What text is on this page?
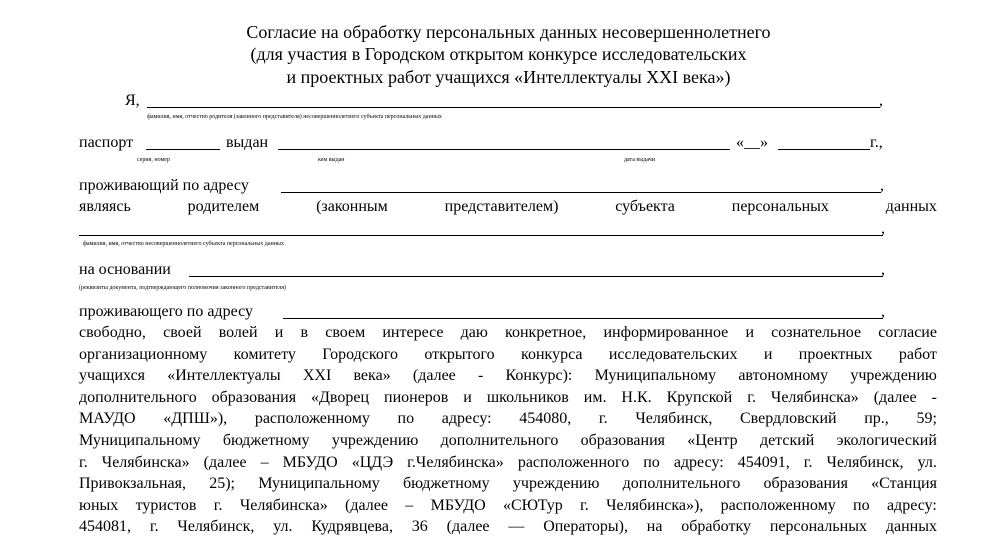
Согласие на обработку персональных данных несовершеннолетнего
(для участия в Городском открытом конкурсе исследовательских
и проектных работ учащихся «Интеллектуалы XXI века»)
Я,	,
фамилия, имя, отчество родителя (законного представителя) несовершеннолетнего субъекта персональных данных
паспорт	выдан	«__»	г.,
серия, номер	кем выдан	дата выдачи
проживающий по адресу	,
являясь	родителем	(законным	представителем)	субъекта	персональных	данных
,
фамилия, имя, отчество несовершеннолетнего субъекта персональных данных
на основании	,
(реквизиты документа, подтверждающего полномочия законного представителя)
проживающего по адресу	,

свободно, своей волей и в своем интересе даю конкретное, информированное и сознательное согласие

организационному комитету Городского открытого конкурса исследовательских и проектных работ

учащихся «Интеллектуалы XXI века» (далее - Конкурс): Муниципальному автономному учреждению

дополнительного образования «Дворец пионеров и школьников им. Н.К. Крупской г. Челябинска» (далее -

МАУДО «ДПШ»), расположенному по адресу: 454080, г. Челябинск, Свердловский пр., 59;

Муниципальному бюджетному учреждению дополнительного образования «Центр детский экологический

г. Челябинска» (далее – МБУДО «ЦДЭ г.Челябинска» расположенного по адресу: 454091, г. Челябинск, ул.

Привокзальная, 25); Муниципальному бюджетному учреждению дополнительного образования «Станция

юных туристов г. Челябинска» (далее – МБУДО «СЮТур г. Челябинска»), расположенному по адресу:

454081, г. Челябинск, ул. Кудрявцева, 36 (далее — Операторы), на обработку персональных данных
